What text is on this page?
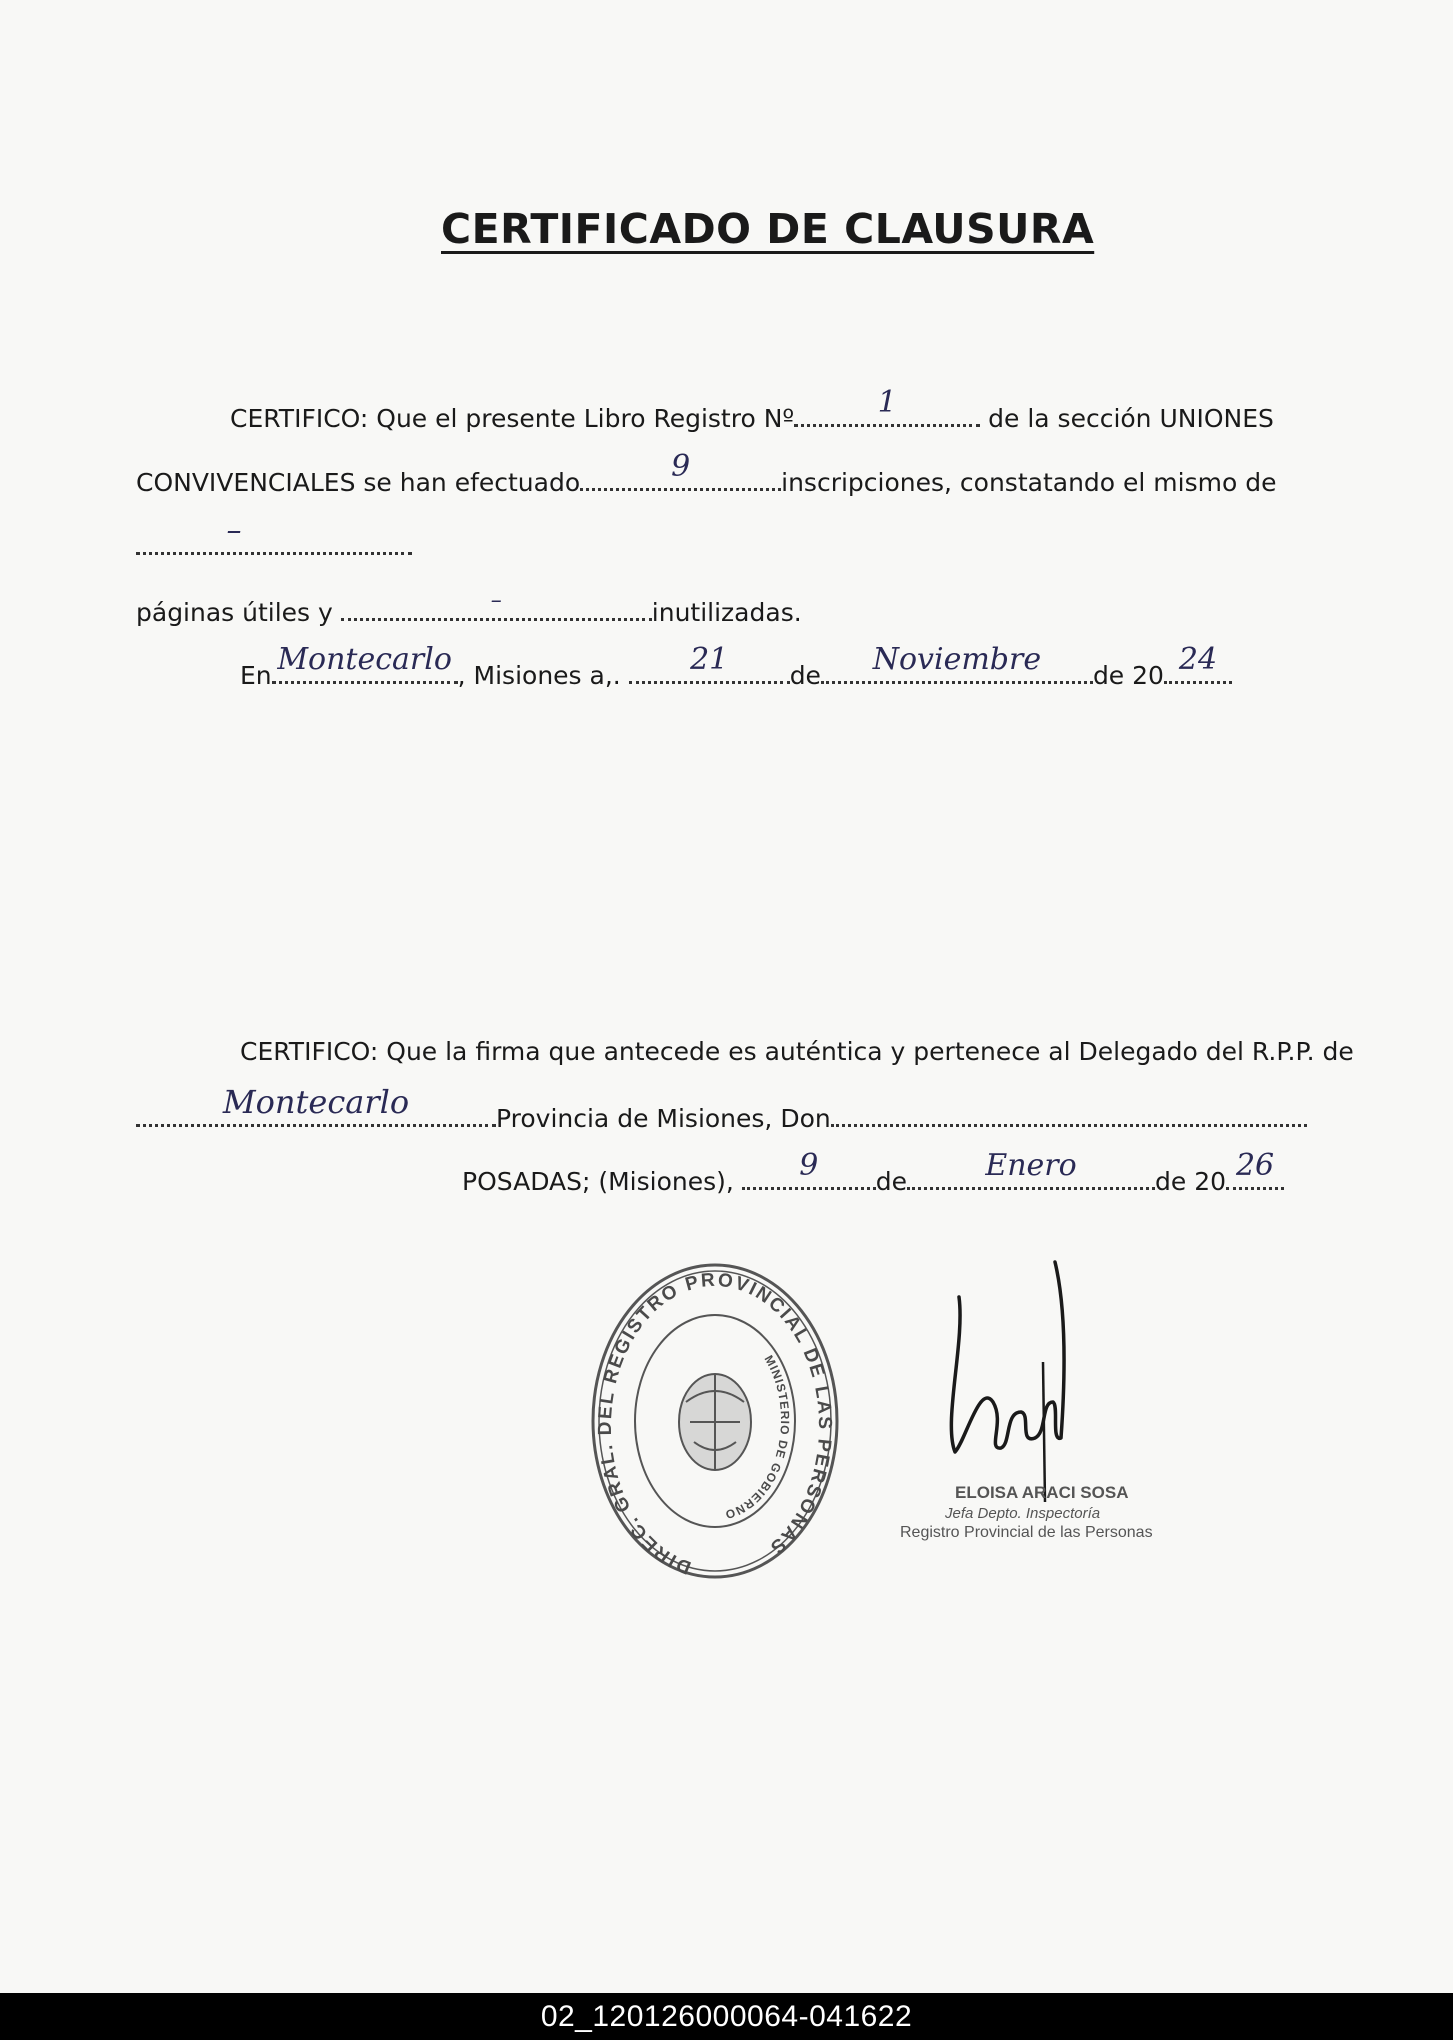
CERTIFICADO DE CLAUSURA
CERTIFICO: Que el presente Libro Registro Nº	1	de la sección UNIONES
CONVIVENCIALES se han efectuado	9	inscripciones, constatando el mismo de
–
páginas útiles y	–	inutilizadas.
En Montecarlo , Misiones a,.	21	de	Noviembre	de 20 24
CERTIFICO: Que la firma que antecede es auténtica y pertenece al Delegado del R.P.P. de
Montecarlo	Provincia de Misiones, Don
POSADAS; (Misiones),	9	de	Enero	de 20 26
DIREC. GRAL. DEL REGISTRO PROVINCIAL DE LAS PERSONAS
MINISTERIO DE GOBIERNO
ELOISA ARACI SOSA
Jefa Depto. Inspectoría
Registro Provincial de las Personas
02_120126000064-041622
